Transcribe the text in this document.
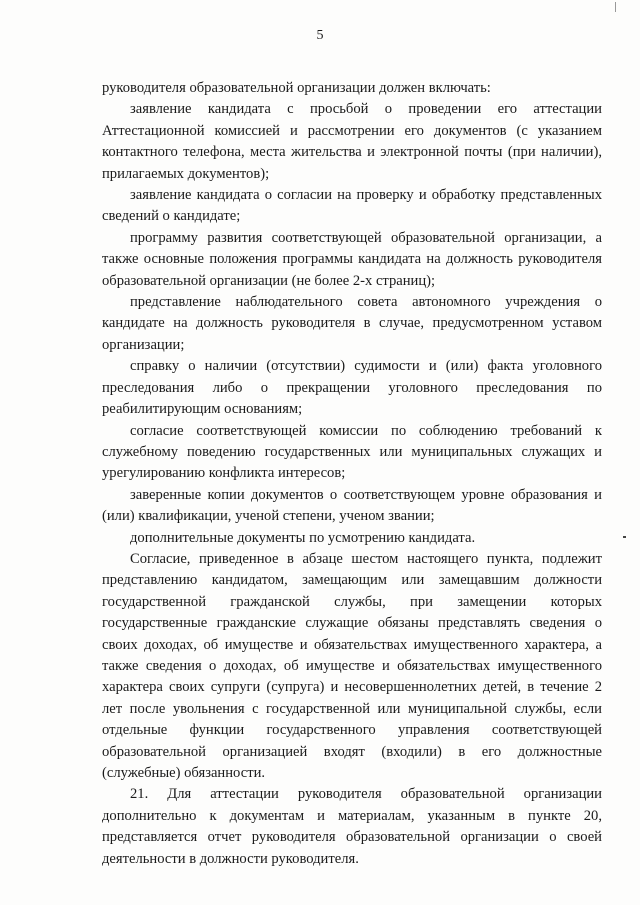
5

руководителя образовательной организации должен включать:

заявление кандидата с просьбой о проведении его аттестации Аттестационной комиссией и рассмотрении его документов (с указанием контактного телефона, места жительства и электронной почты (при наличии), прилагаемых документов);

заявление кандидата о согласии на проверку и обработку представленных сведений о кандидате;

программу развития соответствующей образовательной организации, а также основные положения программы кандидата на должность руководителя образовательной организации (не более 2-х страниц);

представление наблюдательного совета автономного учреждения о кандидате на должность руководителя в случае, предусмотренном уставом организации;

справку о наличии (отсутствии) судимости и (или) факта уголовного преследования либо о прекращении уголовного преследования по реабилитирующим основаниям;

согласие соответствующей комиссии по соблюдению требований к служебному поведению государственных или муниципальных служащих и урегулированию конфликта интересов;

заверенные копии документов о соответствующем уровне образования и (или) квалификации, ученой степени, ученом звании;

дополнительные документы по усмотрению кандидата.

Согласие, приведенное в абзаце шестом настоящего пункта, подлежит представлению кандидатом, замещающим или замещавшим должности государственной гражданской службы, при замещении которых государственные гражданские служащие обязаны представлять сведения о своих доходах, об имуществе и обязательствах имущественного характера, а также сведения о доходах, об имуществе и обязательствах имущественного характера своих супруги (супруга) и несовершеннолетних детей, в течение 2 лет после увольнения с государственной или муниципальной службы, если отдельные функции государственного управления соответствующей образовательной организацией входят (входили) в его должностные (служебные) обязанности.

21. Для аттестации руководителя образовательной организации дополнительно к документам и материалам, указанным в пункте 20, представляется отчет руководителя образовательной организации о своей деятельности в должности руководителя.
